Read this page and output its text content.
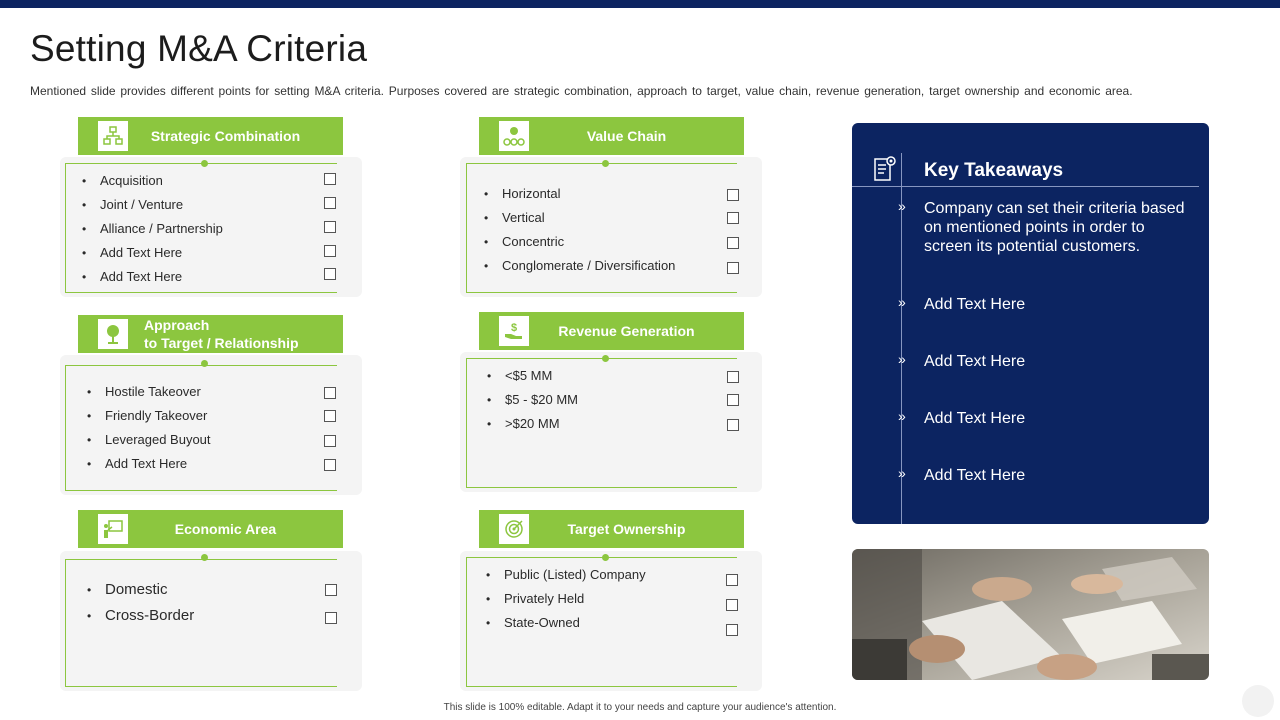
Setting M&A Criteria
Mentioned slide provides different points for setting M&A criteria. Purposes covered are strategic combination, approach to target, value chain, revenue generation, target ownership and economic area.
Strategic Combination
•	Acquisition
•	Joint / Venture
•	Alliance / Partnership
•	Add Text Here
•	Add Text Here
Approach
to Target / Relationship
•	Hostile Takeover
•	Friendly Takeover
•	Leveraged Buyout
•	Add Text Here
Economic Area
• Domestic
• Cross-Border
Value Chain
•	Horizontal
•	Vertical
•	Concentric
•	Conglomerate / Diversification
$	Revenue Generation
•	<$5 MM
•	$5 - $20 MM
•	>$20 MM
Target Ownership
•	Public (Listed) Company
•	Privately Held
•	State-Owned
Key Takeaways
» Company can set their criteria based on mentioned points in order to screen its potential customers.
» Add Text Here
» Add Text Here
» Add Text Here
» Add Text Here
This slide is 100% editable. Adapt it to your needs and capture your audience's attention.
